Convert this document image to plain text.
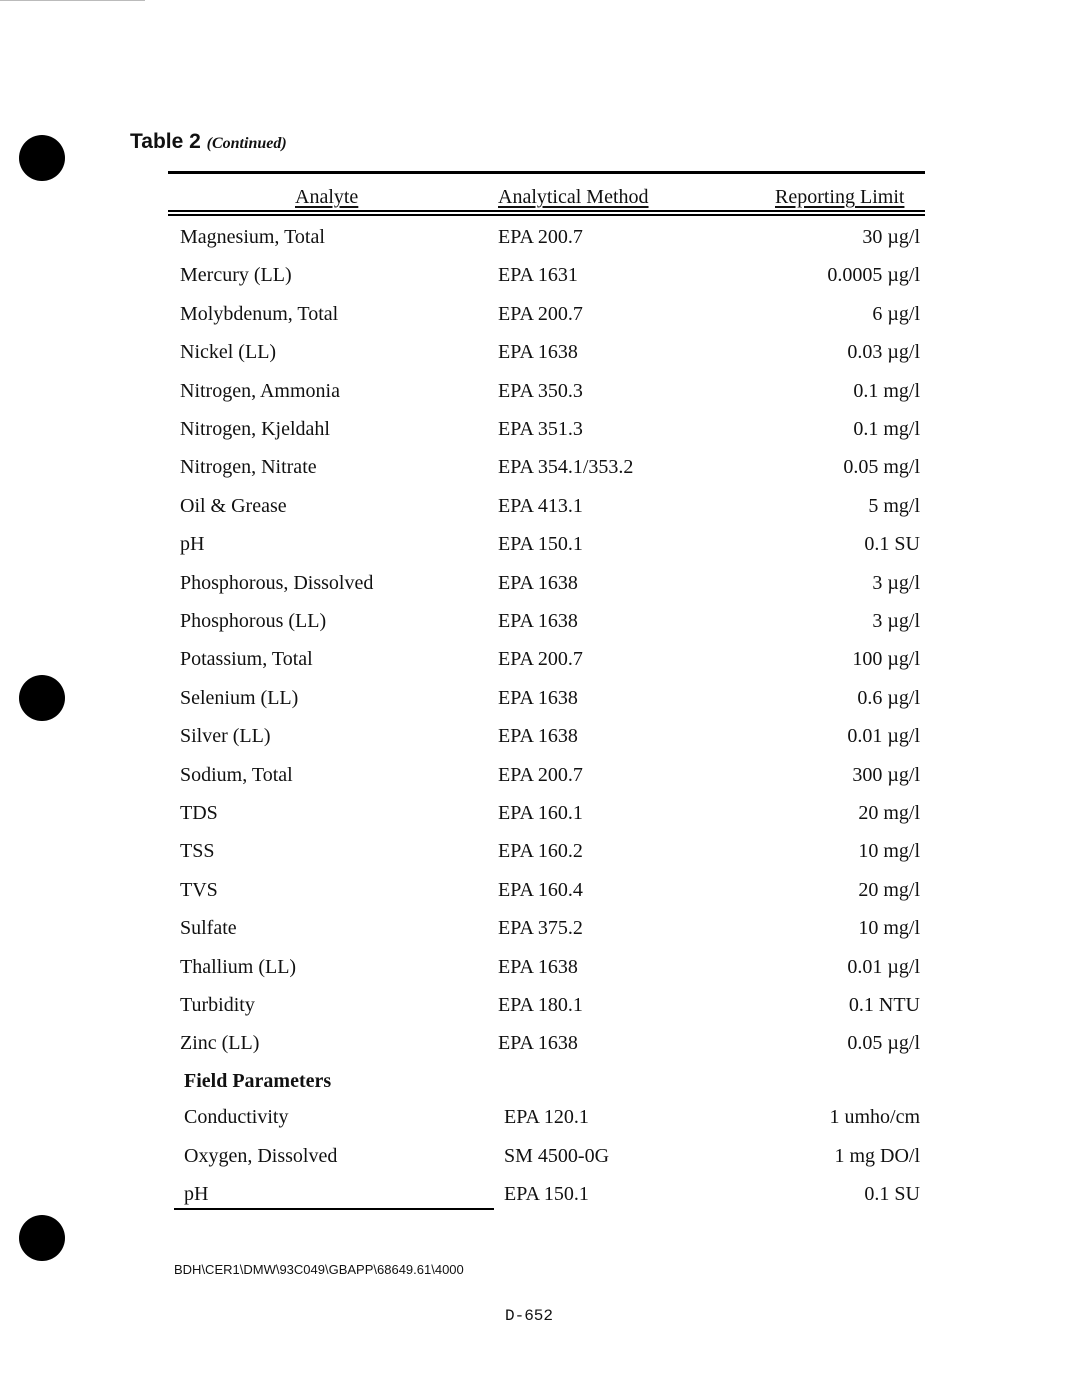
Table 2 (Continued)
Analyte	Analytical Method	Reporting Limit
Magnesium, Total	EPA 200.7	30 µg/l
Mercury (LL)	EPA 1631	0.0005 µg/l
Molybdenum, Total	EPA 200.7	6 µg/l
Nickel (LL)	EPA 1638	0.03 µg/l
Nitrogen, Ammonia	EPA 350.3	0.1 mg/l
Nitrogen, Kjeldahl	EPA 351.3	0.1 mg/l
Nitrogen, Nitrate	EPA 354.1/353.2	0.05 mg/l
Oil & Grease	EPA 413.1	5 mg/l
pH	EPA 150.1	0.1 SU
Phosphorous, Dissolved	EPA 1638	3 µg/l
Phosphorous (LL)	EPA 1638	3 µg/l
Potassium, Total	EPA 200.7	100 µg/l
Selenium (LL)	EPA 1638	0.6 µg/l
Silver (LL)	EPA 1638	0.01 µg/l
Sodium, Total	EPA 200.7	300 µg/l
TDS	EPA 160.1	20 mg/l
TSS	EPA 160.2	10 mg/l
TVS	EPA 160.4	20 mg/l
Sulfate	EPA 375.2	10 mg/l
Thallium (LL)	EPA 1638	0.01 µg/l
Turbidity	EPA 180.1	0.1 NTU
Zinc (LL)	EPA 1638	0.05 µg/l
Field Parameters
Conductivity	EPA 120.1	1 umho/cm
Oxygen, Dissolved	SM 4500-0G	1 mg DO/l
pH	EPA 150.1	0.1 SU
BDH\CER1\DMW\93C049\GBAPP\68649.61\4000
D-652
